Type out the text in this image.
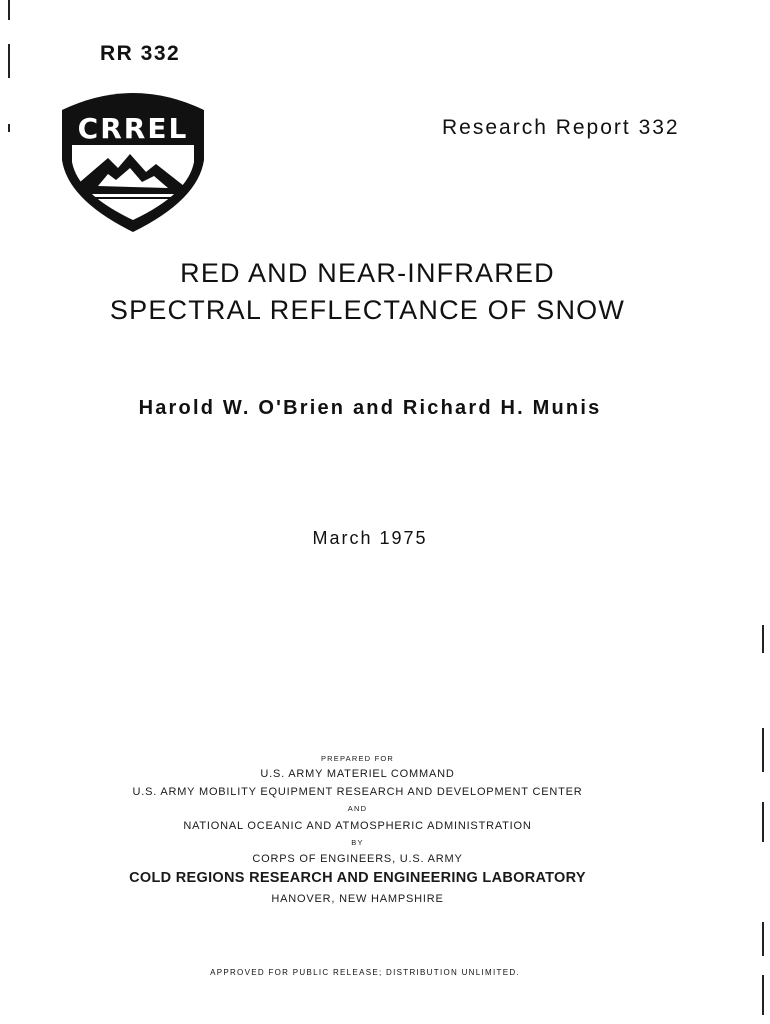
RR 332
CRREL	Research Report 332
RED AND NEAR-INFRARED
SPECTRAL REFLECTANCE OF SNOW
Harold W. O'Brien and Richard H. Munis
March 1975
PREPARED FOR
U.S. ARMY MATERIEL COMMAND
U.S. ARMY MOBILITY EQUIPMENT RESEARCH AND DEVELOPMENT CENTER
AND
NATIONAL OCEANIC AND ATMOSPHERIC ADMINISTRATION
BY
CORPS OF ENGINEERS, U.S. ARMY
COLD REGIONS RESEARCH AND ENGINEERING LABORATORY
HANOVER, NEW HAMPSHIRE
APPROVED FOR PUBLIC RELEASE; DISTRIBUTION UNLIMITED.
